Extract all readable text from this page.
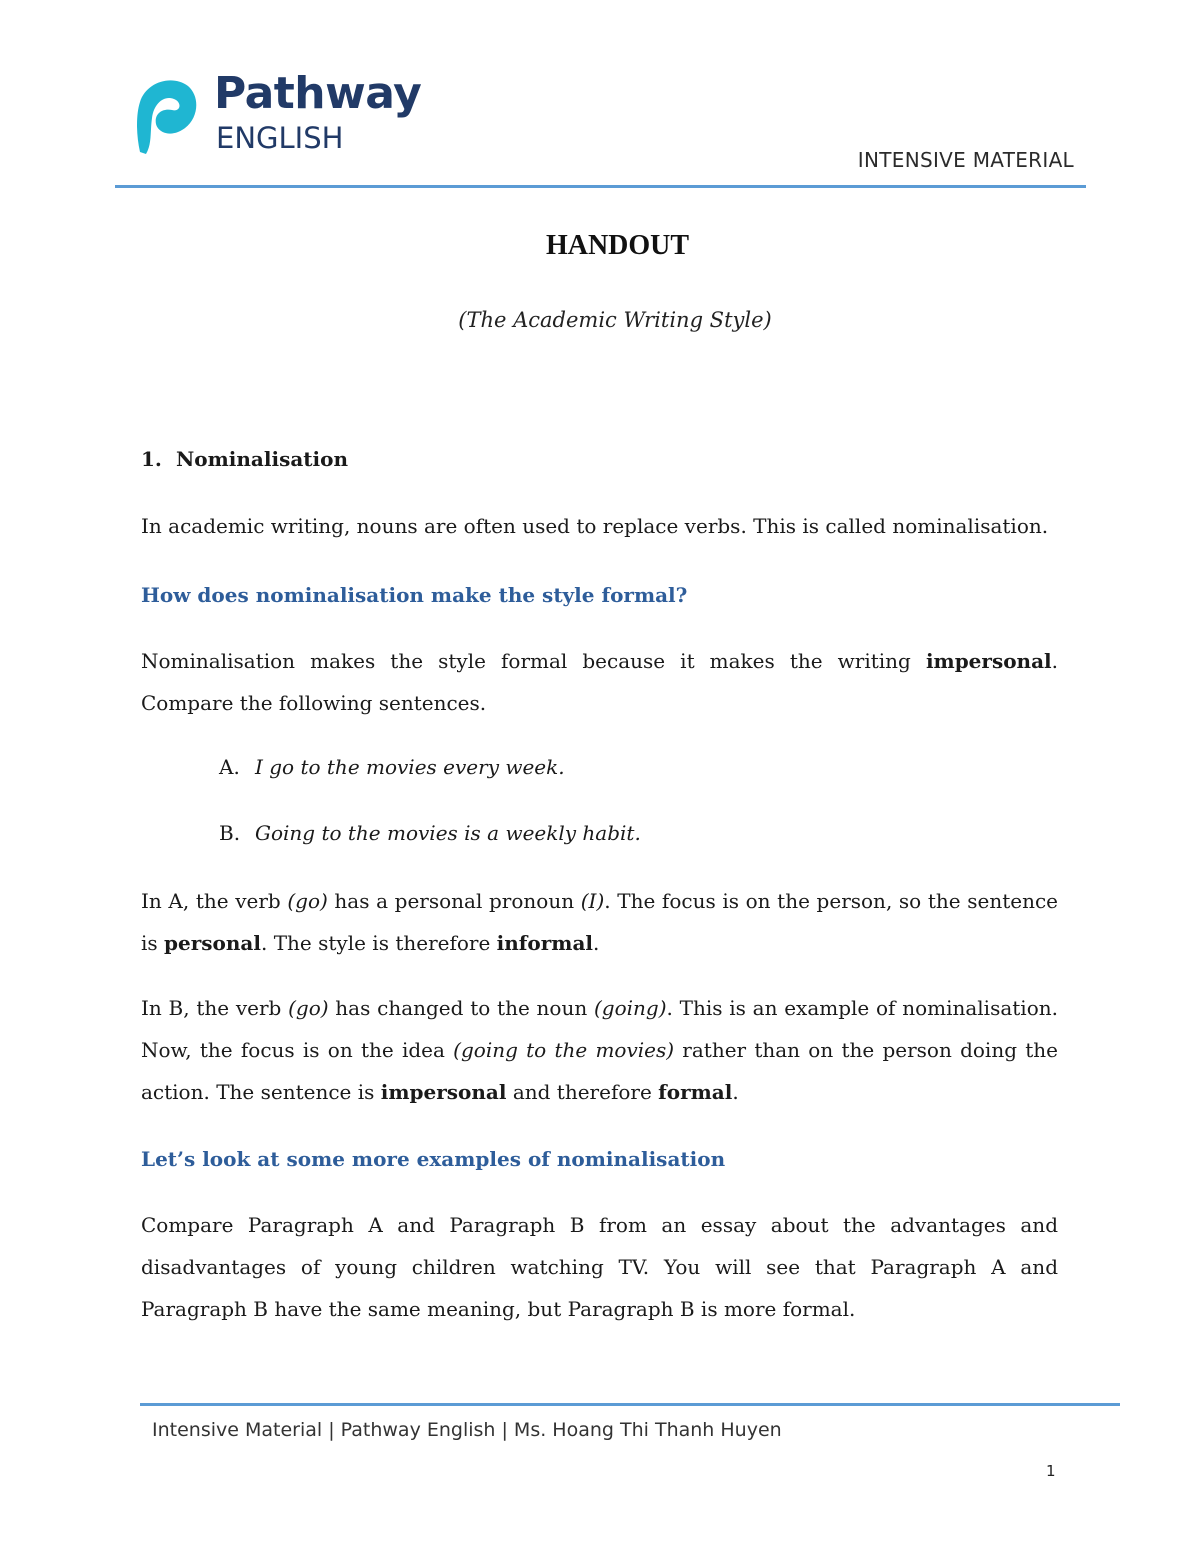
Pathway
ENGLISH
INTENSIVE MATERIAL
HANDOUT
(The Academic Writing Style)
1. Nominalisation

In academic writing, nouns are often used to replace verbs. This is called nominalisation.

How does nominalisation make the style formal?

Nominalisation makes the style formal because it makes the writing impersonal. Compare the following sentences.

A. I go to the movies every week.
B. Going to the movies is a weekly habit.

In A, the verb (go) has a personal pronoun (I). The focus is on the person, so the sentence is personal. The style is therefore informal.

In B, the verb (go) has changed to the noun (going). This is an example of nominalisation. Now, the focus is on the idea (going to the movies) rather than on the person doing the action. The sentence is impersonal and therefore formal.

Let’s look at some more examples of nominalisation

Compare Paragraph A and Paragraph B from an essay about the advantages and disadvantages of young children watching TV. You will see that Paragraph A and Paragraph B have the same meaning, but Paragraph B is more formal.

Intensive Material | Pathway English | Ms. Hoang Thi Thanh Huyen
1
